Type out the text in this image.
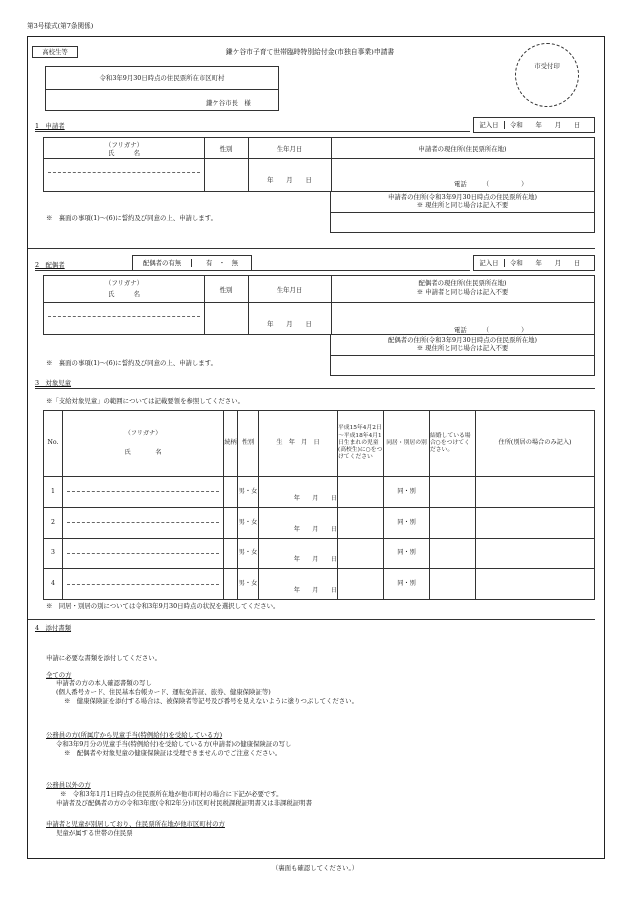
第3号様式(第7条関係)
高校生等	鎌ケ谷市子育て世帯臨時特別給付金(市独自事業)申請書
市受付印
令和3年9月30日時点の住民票所在市区町村
鎌ケ谷市長　様
1　申請者	記入日	令和　　年　　月　　日
（フリガナ）
氏　　　名	性別	生年月日
年　　月　　日
申請者の現住所(住民票所在地)
電話　　　（　　　　　）
申請者の住所(令和3年9月30日時点の住民票所在地)
※ 現住所と同じ場合は記入不要
※　裏面の事項(1)～(6)に誓約及び同意の上、申請します。
2　配偶者	配偶者の有無	有　・　無	記入日	令和　　年　　月　　日
（フリガナ）
氏　　　名	性別	生年月日
年　　月　　日
配偶者の現住所(住民票所在地)
※ 申請者と同じ場合は記入不要
電話　　　（　　　　　）
配偶者の住所(令和3年9月30日時点の住民票所在地)
※ 現住所と同じ場合は記入不要
※　裏面の事項(1)～(6)に誓約及び同意の上、申請します。
3　対象児童
※「支給対象児童」の範囲については記載要領を参照してください。
No.	（フリガナ）
氏　　　　名	続柄	性別	生　年　月　日	平成15年4月2日～平成18年4月1日生まれの児童(高校生)に○をつけてください	同居・別居の別	結婚している場合○をつけてください。	住所(別居の場合のみ記入)
1			男・女	年　　月　　日		同・別		
2			男・女	年　　月　　日		同・別		
3			男・女	年　　月　　日		同・別		
4			男・女	年　　月　　日		同・別		
※　同居・別居の別については令和3年9月30日時点の状況を選択してください。
4　添付書類
申請に必要な書類を添付してください。
全ての方
申請者の方の本人確認書類の写し
(個人番号カード、住民基本台帳カード、運転免許証、旅券、健康保険証等)
※　健康保険証を添付する場合は、被保険者等記号及び番号を見えないように塗りつぶしてください。
公務員の方(所属庁から児童手当(特例給付)を受給している方)
令和3年9月分の児童手当(特例給付)を受給している方(申請者)の健康保険証の写し
※　配偶者や対象児童の健康保険証は受理できませんのでご注意ください。
公務員以外の方
※　令和3年1月1日時点の住民票所在地が他市町村の場合に下記が必要です。
申請者及び配偶者の方の令和3年度(令和2年分)市区町村民税課税証明書又は非課税証明書
申請者と児童が別居しており、住民票所在地が他市区町村の方
児童が属する世帯の住民票
（裏面も確認してください。）
